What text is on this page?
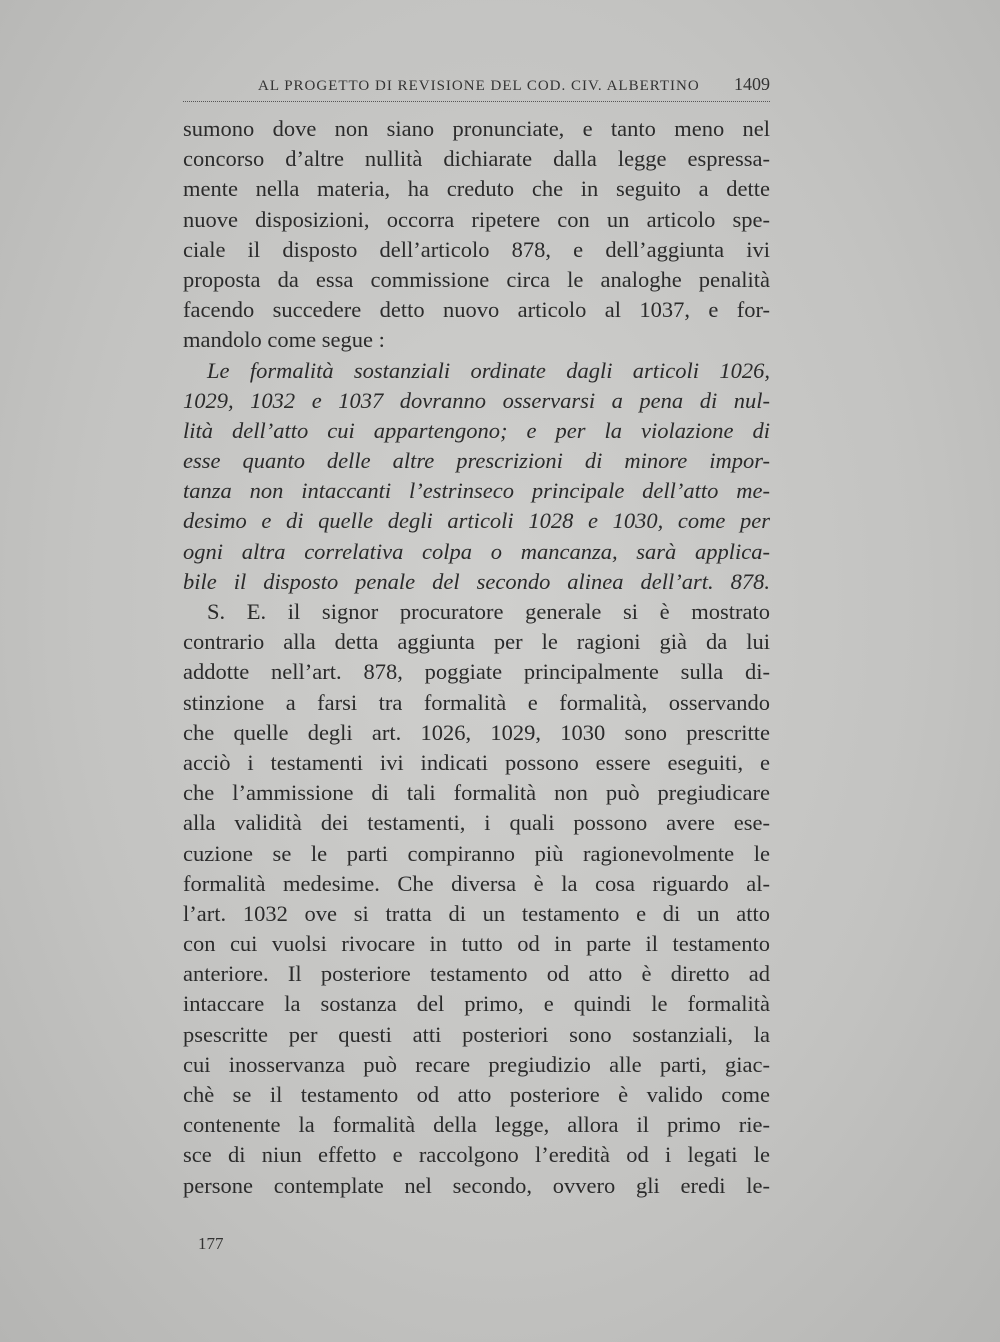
AL PROGETTO DI REVISIONE DEL COD. CIV. ALBERTINO 1409
sumono dove non siano pronunciate, e tanto meno nel
concorso d’altre nullità dichiarate dalla legge espressa-
mente nella materia, ha creduto che in seguito a dette
nuove disposizioni, occorra ripetere con un articolo spe-
ciale il disposto dell’articolo 878, e dell’aggiunta ivi
proposta da essa commissione circa le analoghe penalità
facendo succedere detto nuovo articolo al 1037, e for-
mandolo come segue :
Le formalità sostanziali ordinate dagli articoli 1026,
1029, 1032 e 1037 dovranno osservarsi a pena di nul-
lità dell’atto cui appartengono; e per la violazione di
esse quanto delle altre prescrizioni di minore impor-
tanza non intaccanti l’estrinseco principale dell’atto me-
desimo e di quelle degli articoli 1028 e 1030, come per
ogni altra correlativa colpa o mancanza, sarà applica-
bile il disposto penale del secondo alinea dell’art. 878.
S. E. il signor procuratore generale si è mostrato
contrario alla detta aggiunta per le ragioni già da lui
addotte nell’art. 878, poggiate principalmente sulla di-
stinzione a farsi tra formalità e formalità, osservando
che quelle degli art. 1026, 1029, 1030 sono prescritte
acciò i testamenti ivi indicati possono essere eseguiti, e
che l’ammissione di tali formalità non può pregiudicare
alla validità dei testamenti, i quali possono avere ese-
cuzione se le parti compiranno più ragionevolmente le
formalità medesime. Che diversa è la cosa riguardo al-
l’art. 1032 ove si tratta di un testamento e di un atto
con cui vuolsi rivocare in tutto od in parte il testamento
anteriore. Il posteriore testamento od atto è diretto ad
intaccare la sostanza del primo, e quindi le formalità
psescritte per questi atti posteriori sono sostanziali, la
cui inosservanza può recare pregiudizio alle parti, giac-
chè se il testamento od atto posteriore è valido come
contenente la formalità della legge, allora il primo rie-
sce di niun effetto e raccolgono l’eredità od i legati le
persone contemplate nel secondo, ovvero gli eredi le-
177
